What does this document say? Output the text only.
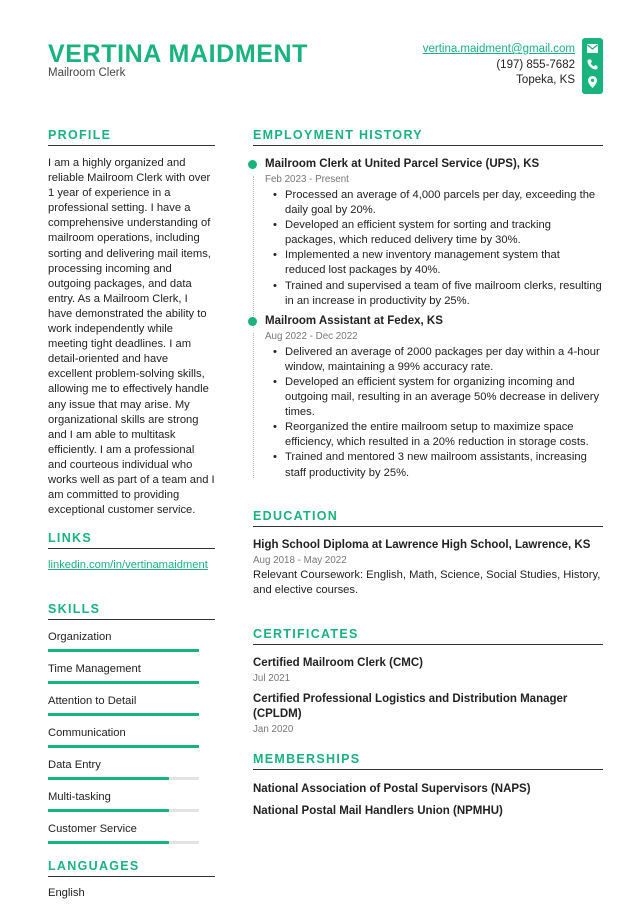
VERTINA MAIDMENT
Mailroom Clerk
vertina.maidment@gmail.com
(197) 855-7682
Topeka, KS
PROFILE
I am a highly organized and reliable Mailroom Clerk with over 1 year of experience in a professional setting. I have a comprehensive understanding of mailroom operations, including sorting and delivering mail items, processing incoming and outgoing packages, and data entry. As a Mailroom Clerk, I have demonstrated the ability to work independently while meeting tight deadlines. I am detail-oriented and have excellent problem-solving skills, allowing me to effectively handle any issue that may arise. My organizational skills are strong and I am able to multitask efficiently. I am a professional and courteous individual who works well as part of a team and I am committed to providing exceptional customer service.
LINKS
linkedin.com/in/vertinamaidment
SKILLS
Organization
Time Management
Attention to Detail
Communication
Data Entry
Multi-tasking
Customer Service
LANGUAGES
English
EMPLOYMENT HISTORY
Mailroom Clerk at United Parcel Service (UPS), KS
Feb 2023 - Present
• Processed an average of 4,000 parcels per day, exceeding the daily goal by 20%.
• Developed an efficient system for sorting and tracking packages, which reduced delivery time by 30%.
• Implemented a new inventory management system that reduced lost packages by 40%.
• Trained and supervised a team of five mailroom clerks, resulting in an increase in productivity by 25%.
Mailroom Assistant at Fedex, KS
Aug 2022 - Dec 2022
• Delivered an average of 2000 packages per day within a 4-hour window, maintaining a 99% accuracy rate.
• Developed an efficient system for organizing incoming and outgoing mail, resulting in an average 50% decrease in delivery times.
• Reorganized the entire mailroom setup to maximize space efficiency, which resulted in a 20% reduction in storage costs.
• Trained and mentored 3 new mailroom assistants, increasing staff productivity by 25%.
EDUCATION
High School Diploma at Lawrence High School, Lawrence, KS
Aug 2018 - May 2022
Relevant Coursework: English, Math, Science, Social Studies, History, and elective courses.
CERTIFICATES
Certified Mailroom Clerk (CMC)
Jul 2021
Certified Professional Logistics and Distribution Manager (CPLDM)
Jan 2020
MEMBERSHIPS
National Association of Postal Supervisors (NAPS)
National Postal Mail Handlers Union (NPMHU)
